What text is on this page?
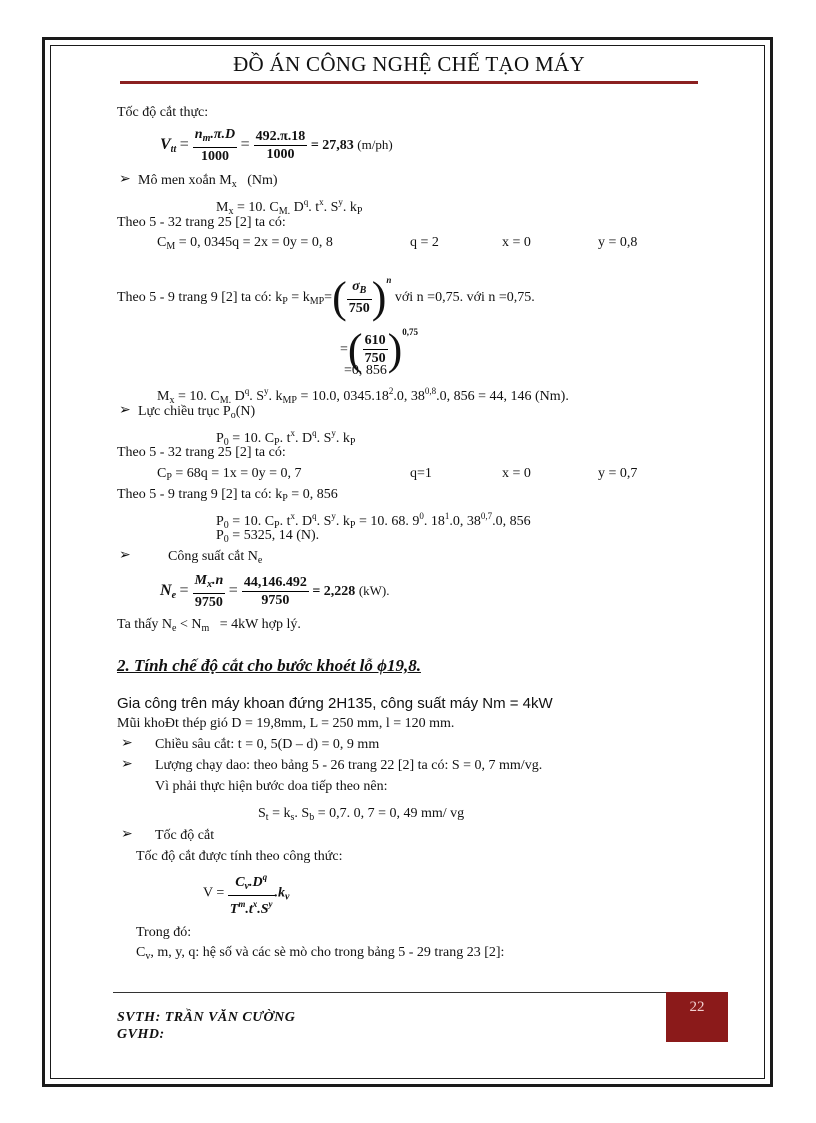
ĐỒ ÁN CÔNG NGHỆ CHẾ TẠO MÁY
Tốc độ cắt thực:
$V_{tt} = \frac{n_m.\pi.D}{1000} = \frac{492.\pi.18}{1000} = 27,83$ (m/ph)
➢ Mô men xoắn $M_x$ (Nm)
$M_x = 10$. $C_{M.}$ $D^q$. $t^x$. $S^y$. $k_P$
Theo 5 - 32 trang 25 [2] ta có:
$C_M = 0$, 0345q = 2x = 0y = 0, 8	q = 2	x = 0	y = 0,8
Theo 5 - 9 trang 9 [2] ta có: $k_P = k_{MP}=( \frac{\sigma_B}{750} )^n$ với n =0,75. với n =0,75.
=( $\frac{610}{750} )^{0,75}$
=0, 856
$M_x = 10$. $C_{M.}$ $D^q$. $S^y$. $k_{MP} = 10.0$, 0345.18$^2$.0, 38$^{0,8}$.0, 856 = 44, 146 (Nm).
➢ Lực chiều trục $P_o(N)$
$P_0 = 10$. $C_P$. $t^x$. $D^q$. $S^y$. $k_P$
Theo 5 - 32 trang 25 [2] ta có:
$C_P = 68q = 1x = 0y = 0$, 7	q=1	x = 0	y = 0,7
Theo 5 - 9 trang 9 [2] ta có: $k_P = 0$, 856
$P_0 = 10$. $C_P$. $t^x$. $D^q$. $S^y$. $k_P = 10$. 68. $9^0$. $18^1.0$, 38$^{0,7}$.0, 856
$P_0 = 5325$, 14 (N).
➢	Công suất cắt $N_e$
$N_e = \frac{M_x.n}{9750} = \frac{44,146.492}{9750} = 2,228$ (kW).
Ta thấy $N_e < N_m = 4kW$ hợp lý.
2. Tính chế độ cắt cho bước khoét lỗ ϕ19,8.
Gia công trên máy khoan đứng 2H135, công suất máy Nm = 4kW
Mũi khoĐt thép gió D = 19,8mm, L = 250 mm, l = 120 mm.
➢ Chiều sâu cắt: t = 0, 5(D – d) = 0, 9 mm
➢ Lượng chạy dao: theo bảng 5 - 26 trang 22 [2] ta có: S = 0, 7 mm/vg.
Vì phải thực hiện bước doa tiếp theo nên:
$S_t = k_s$. $S_b = 0,7$. 0, 7 = 0, 49 mm/ vg
➢ Tốc độ cắt
Tốc độ cắt được tính theo công thức:
$V = \frac{C_v.D^q}{T^m.t^x.S^y} .k_v$
Trong đó:
$C_v$, m, y, q: hệ số và các sè mò cho trong bảng 5 - 29 trang 23 [2]:
22
SVTH: TRẦN VĂN CƯỜNG
GVHD:
